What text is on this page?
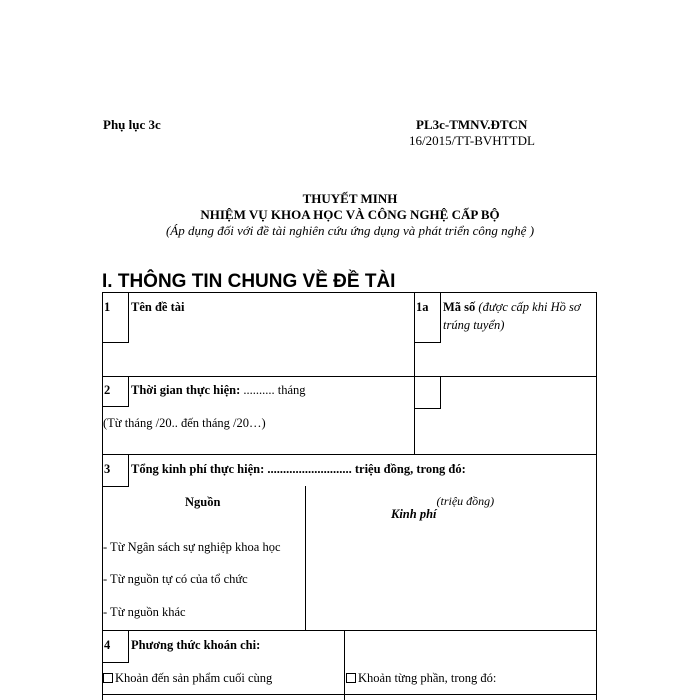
Phụ lục 3c	PL3c-TMNV.ĐTCN
16/2015/TT-BVHTTDL
THUYẾT MINH
NHIỆM VỤ KHOA HỌC VÀ CÔNG NGHỆ CẤP BỘ
(Áp dụng đối với đề tài nghiên cứu ứng dụng và phát triển công nghệ )
I. THÔNG TIN CHUNG VỀ ĐỀ TÀI
1 Tên đề tài	1a Mã số (được cấp khi Hồ sơ
trúng tuyển)
2 Thời gian thực hiện: .......... tháng
(Từ tháng /20.. đến tháng /20…)
3 Tổng kinh phí thực hiện: ........................... triệu đồng, trong đó:
Nguồn
Kinh phí(triệu đồng)
- Từ Ngân sách sự nghiệp khoa học
- Từ nguồn tự có của tổ chức
- Từ nguồn khác
4 Phương thức khoán chi:
Khoản đến sản phẩm cuối cùng	Khoản từng phần, trong đó:
